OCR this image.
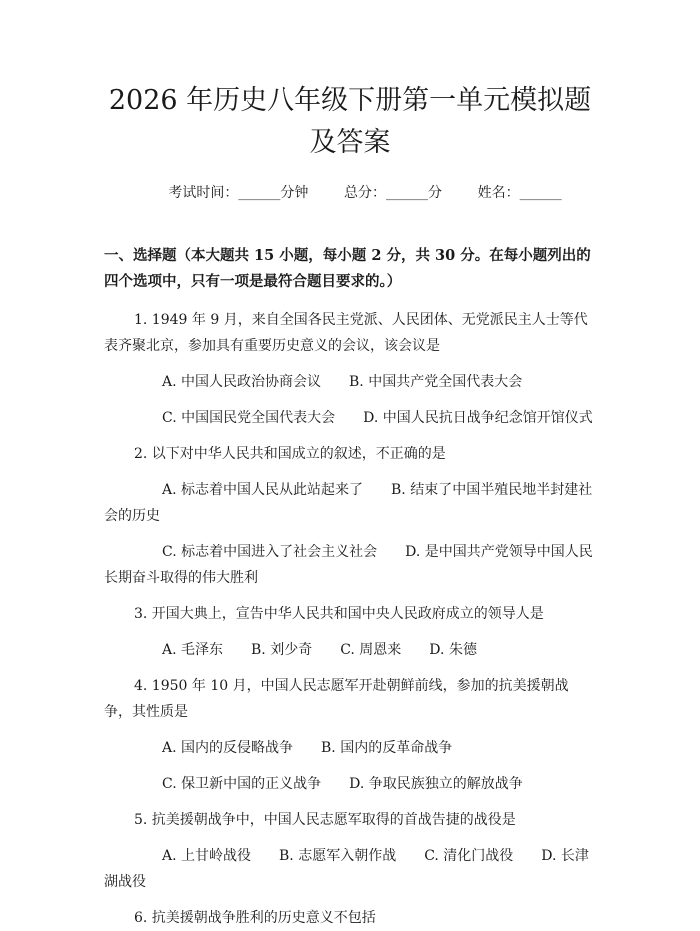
2026 年历史八年级下册第一单元模拟题及答案
考试时间：______分钟	总分：______分	姓名：______
一、选择题（本大题共 15 小题，每小题 2 分，共 30 分。在每小题列出的四个选项中，只有一项是最符合题目要求的。）

1. 1949 年 9 月，来自全国各民主党派、人民团体、无党派民主人士等代表齐聚北京，参加具有重要历史意义的会议，该会议是

A. 中国人民政治协商会议　　B. 中国共产党全国代表大会

C. 中国国民党全国代表大会　　D. 中国人民抗日战争纪念馆开馆仪式

2. 以下对中华人民共和国成立的叙述，不正确的是

A. 标志着中国人民从此站起来了　　B. 结束了中国半殖民地半封建社会的历史

C. 标志着中国进入了社会主义社会　　D. 是中国共产党领导中国人民长期奋斗取得的伟大胜利

3. 开国大典上，宣告中华人民共和国中央人民政府成立的领导人是

A. 毛泽东　　B. 刘少奇　　C. 周恩来　　D. 朱德

4. 1950 年 10 月，中国人民志愿军开赴朝鲜前线，参加的抗美援朝战争，其性质是

A. 国内的反侵略战争　　B. 国内的反革命战争

C. 保卫新中国的正义战争　　D. 争取民族独立的解放战争

5. 抗美援朝战争中，中国人民志愿军取得的首战告捷的战役是

A. 上甘岭战役　　B. 志愿军入朝作战　　C. 清化门战役　　D. 长津湖战役

6. 抗美援朝战争胜利的历史意义不包括
